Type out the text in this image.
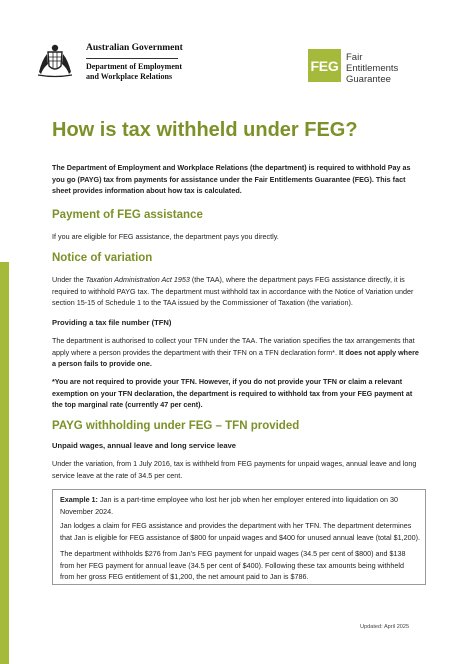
Australian Government
Department of Employment
and Workplace Relations
FEG Fair
Entitlements
Guarantee
How is tax withheld under FEG?

The Department of Employment and Workplace Relations (the department) is required to withhold Pay as you go (PAYG) tax from payments for assistance under the Fair Entitlements Guarantee (FEG). This fact sheet provides information about how tax is calculated.

Payment of FEG assistance

If you are eligible for FEG assistance, the department pays you directly.

Notice of variation

Under the Taxation Administration Act 1953 (the TAA), where the department pays FEG assistance directly, it is required to withhold PAYG tax. The department must withhold tax in accordance with the Notice of Variation under section 15-15 of Schedule 1 to the TAA issued by the Commissioner of Taxation (the variation).

Providing a tax file number (TFN)

The department is authorised to collect your TFN under the TAA. The variation specifies the tax arrangements that apply where a person provides the department with their TFN on a TFN declaration form*. It does not apply where a person fails to provide one.

*You are not required to provide your TFN. However, if you do not provide your TFN or claim a relevant exemption on your TFN declaration, the department is required to withhold tax from your FEG payment at the top marginal rate (currently 47 per cent).

PAYG withholding under FEG – TFN provided
Unpaid wages, annual leave and long service leave

Under the variation, from 1 July 2016, tax is withheld from FEG payments for unpaid wages, annual leave and long service leave at the rate of 34.5 per cent.

Example 1: Jan is a part-time employee who lost her job when her employer entered into liquidation on 30 November 2024.

Jan lodges a claim for FEG assistance and provides the department with her TFN. The department determines that Jan is eligible for FEG assistance of $800 for unpaid wages and $400 for unused annual leave (total $1,200).

The department withholds $276 from Jan’s FEG payment for unpaid wages (34.5 per cent of $800) and $138 from her FEG payment for annual leave (34.5 per cent of $400). Following these tax amounts being withheld from her gross FEG entitlement of $1,200, the net amount paid to Jan is $786.

Updated: April 2025
